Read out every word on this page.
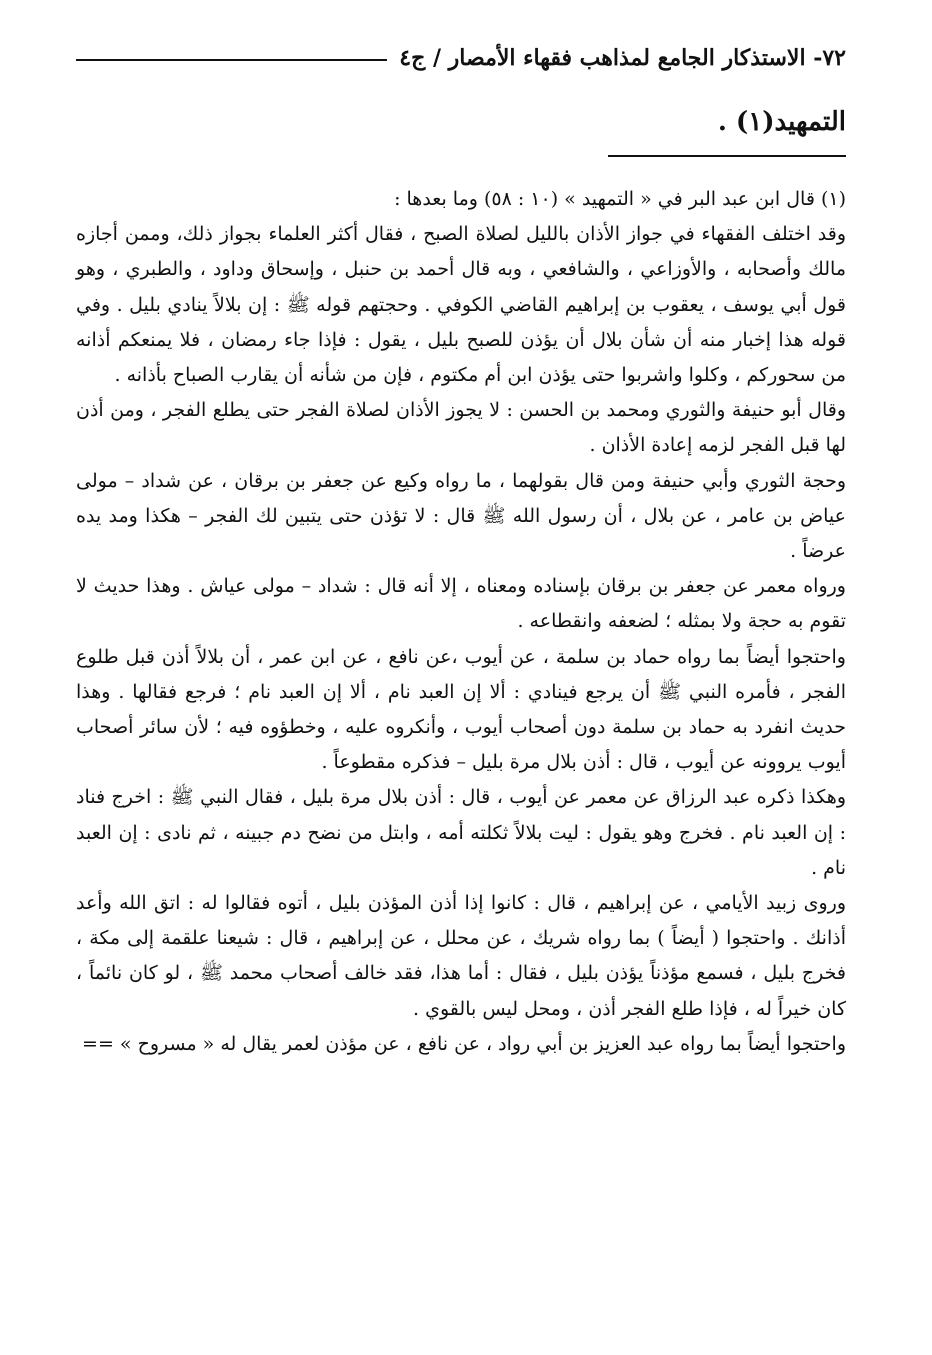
٧٢- الاستذكار الجامع لمذاهب فقهاء الأمصار / ج٤
التمهيد(١) .

(١) قال ابن عبد البر في « التمهيد » (١٠ : ٥٨) وما بعدها :

وقد اختلف الفقهاء في جواز الأذان بالليل لصلاة الصبح ، فقال أكثر العلماء بجواز ذلك، وممن أجازه مالك وأصحابه ، والأوزاعي ، والشافعي ، وبه قال أحمد بن حنبل ، وإسحاق وداود ، والطبري ، وهو قول أبي يوسف ، يعقوب بن إبراهيم القاضي الكوفي . وحجتهم قوله ﷺ : إن بلالاً ينادي بليل . وفي قوله هذا إخبار منه أن شأن بلال أن يؤذن للصبح بليل ، يقول : فإذا جاء رمضان ، فلا يمنعكم أذانه من سحوركم ، وكلوا واشربوا حتى يؤذن ابن أم مكتوم ، فإن من شأنه أن يقارب الصباح بأذانه .

وقال أبو حنيفة والثوري ومحمد بن الحسن : لا يجوز الأذان لصلاة الفجر حتى يطلع الفجر ، ومن أذن لها قبل الفجر لزمه إعادة الأذان .

وحجة الثوري وأبي حنيفة ومن قال بقولهما ، ما رواه وكيع عن جعفر بن برقان ، عن شداد – مولى عياض بن عامر ، عن بلال ، أن رسول الله ﷺ قال : لا تؤذن حتى يتبين لك الفجر – هكذا ومد يده عرضاً .

ورواه معمر عن جعفر بن برقان بإسناده ومعناه ، إلا أنه قال : شداد – مولى عياش . وهذا حديث لا تقوم به حجة ولا بمثله ؛ لضعفه وانقطاعه .

واحتجوا أيضاً بما رواه حماد بن سلمة ، عن أيوب ،عن نافع ، عن ابن عمر ، أن بلالاً أذن قبل طلوع الفجر ، فأمره النبي ﷺ أن يرجع فينادي : ألا إن العبد نام ، ألا إن العبد نام ؛ فرجع فقالها . وهذا حديث انفرد به حماد بن سلمة دون أصحاب أيوب ، وأنكروه عليه ، وخطؤوه فيه ؛ لأن سائر أصحاب أيوب يروونه عن أيوب ، قال : أذن بلال مرة بليل – فذكره مقطوعاً .

وهكذا ذكره عبد الرزاق عن معمر عن أيوب ، قال : أذن بلال مرة بليل ، فقال النبي ﷺ : اخرج فناد : إن العبد نام . فخرج وهو يقول : ليت بلالاً ثكلته أمه ، وابتل من نضح دم جبينه ، ثم نادى : إن العبد نام .

وروى زبيد الأيامي ، عن إبراهيم ، قال : كانوا إذا أذن المؤذن بليل ، أتوه فقالوا له : اتق الله وأعد أذانك . واحتجوا ( أيضاً ) بما رواه شريك ، عن محلل ، عن إبراهيم ، قال : شيعنا علقمة إلى مكة ، فخرج بليل ، فسمع مؤذناً يؤذن بليل ، فقال : أما هذا، فقد خالف أصحاب محمد ﷺ ، لو كان نائماً ، كان خيراً له ، فإذا طلع الفجر أذن ، ومحل ليس بالقوي .

واحتجوا أيضاً بما رواه عبد العزيز بن أبي رواد ، عن نافع ، عن مؤذن لعمر يقال له « مسروح » ==
